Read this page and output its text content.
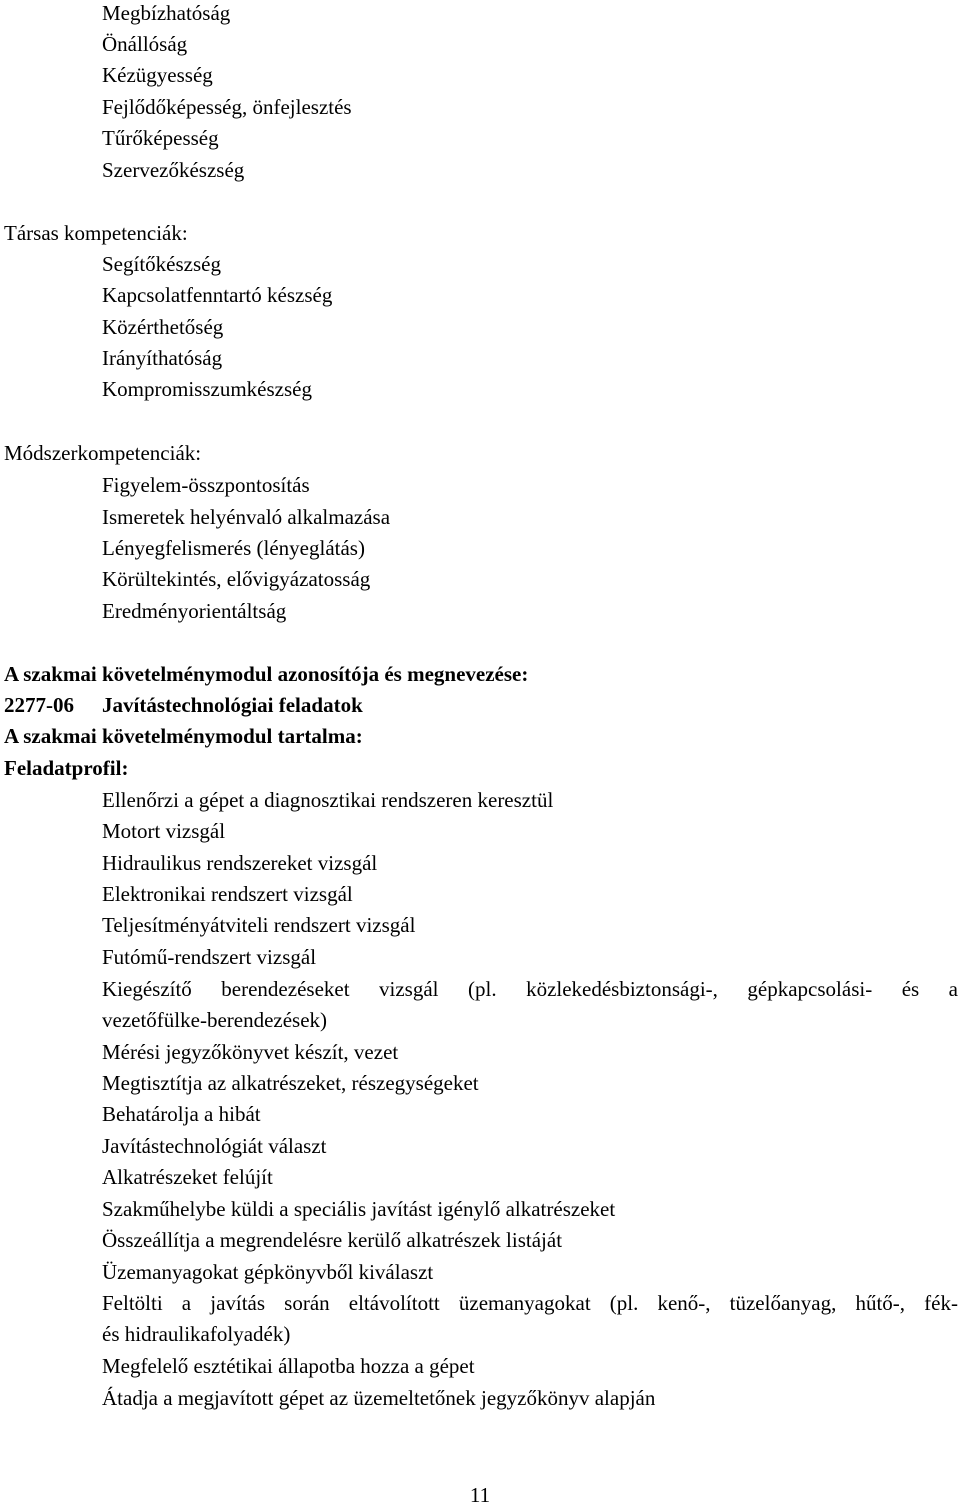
Megbízhatóság
Önállóság
Kézügyesség
Fejlődőképesség, önfejlesztés
Tűrőképesség
Szervezőkészség
Társas kompetenciák:
Segítőkészség
Kapcsolatfenntartó készség
Közérthetőség
Irányíthatóság
Kompromisszumkészség
Módszerkompetenciák:
Figyelem-összpontosítás
Ismeretek helyénvaló alkalmazása
Lényegfelismerés (lényeglátás)
Körültekintés, elővigyázatosság
Eredményorientáltság
A szakmai követelménymodul azonosítója és megnevezése:
2277-06 Javítástechnológiai feladatok
A szakmai követelménymodul tartalma:
Feladatprofil:
Ellenőrzi a gépet a diagnosztikai rendszeren keresztül
Motort vizsgál
Hidraulikus rendszereket vizsgál
Elektronikai rendszert vizsgál
Teljesítményátviteli rendszert vizsgál
Futómű-rendszert vizsgál
Kiegészítő berendezéseket vizsgál (pl. közlekedésbiztonsági-, gépkapcsolási- és a
vezetőfülke-berendezések)
Mérési jegyzőkönyvet készít, vezet
Megtisztítja az alkatrészeket, részegységeket
Behatárolja a hibát
Javítástechnológiát választ
Alkatrészeket felújít
Szakműhelybe küldi a speciális javítást igénylő alkatrészeket
Összeállítja a megrendelésre kerülő alkatrészek listáját
Üzemanyagokat gépkönyvből kiválaszt
Feltölti a javítás során eltávolított üzemanyagokat (pl. kenő-, tüzelőanyag, hűtő-, fék-
és hidraulikafolyadék)
Megfelelő esztétikai állapotba hozza a gépet
Átadja a megjavított gépet az üzemeltetőnek jegyzőkönyv alapján
11
